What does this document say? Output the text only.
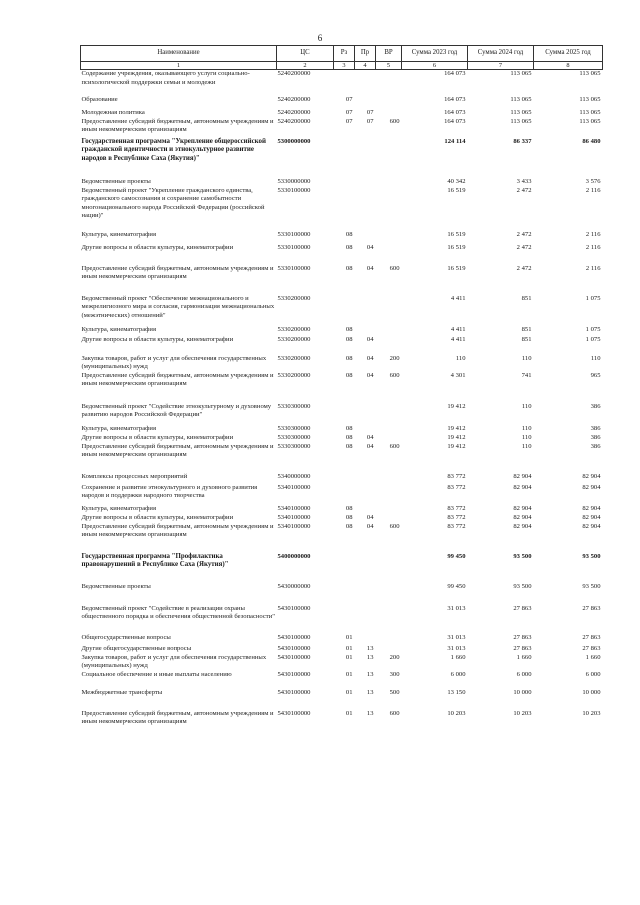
6
Наименование	ЦС	Рз	Пр	ВР	Сумма 2023 год	Сумма 2024 год	Сумма 2025 год
1	2	3	4	5	6	7	8
Содержание учреждения, оказывающего услуги социально-психологической поддержки семьи и молодежи	5240200000				164 073	113 065	113 065
Образование	5240200000	07			164 073	113 065	113 065
Молодежная политика	5240200000	07	07		164 073	113 065	113 065
Предоставление субсидий бюджетным, автономным учреждениям и иным некоммерческим организациям	5240200000	07	07	600	164 073	113 065	113 065
Государственная программа "Укрепление общероссийской гражданской идентичности и этнокультурное развитие народов в Республике Саха (Якутия)"	5300000000				124 114	86 337	86 480
Ведомственные проекты	5330000000				40 342	3 433	3 576
Ведомственный проект "Укрепление гражданского единства, гражданского самосознания и сохранение самобытности многонационального народа Российской Федерации (российской нации)"	5330100000				16 519	2 472	2 116
Культура, кинематография	5330100000	08			16 519	2 472	2 116
Другие вопросы в области культуры, кинематографии	5330100000	08	04		16 519	2 472	2 116
Предоставление субсидий бюджетным, автономным учреждениям и иным некоммерческим организациям	5330100000	08	04	600	16 519	2 472	2 116
Ведомственный проект "Обеспечение межнационального и межрелигиозного мира и согласия, гармонизация межнациональных (межэтнических) отношений"	5330200000				4 411	851	1 075
Культура, кинематография	5330200000	08			4 411	851	1 075
Другие вопросы в области культуры, кинематографии	5330200000	08	04		4 411	851	1 075
Закупка товаров, работ и услуг для обеспечения государственных (муниципальных) нужд	5330200000	08	04	200	110	110	110
Предоставление субсидий бюджетным, автономным учреждениям и иным некоммерческим организациям	5330200000	08	04	600	4 301	741	965
Ведомственный проект "Содействие этнокультурному и духовному развитию народов Российской Федерации"	5330300000				19 412	110	386
Культура, кинематография	5330300000	08			19 412	110	386
Другие вопросы в области культуры, кинематографии	5330300000	08	04		19 412	110	386
Предоставление субсидий бюджетным, автономным учреждениям и иным некоммерческим организациям	5330300000	08	04	600	19 412	110	386
Комплексы процессных мероприятий	5340000000				83 772	82 904	82 904
Сохранение и развитие этнокультурного и духовного развития народов и поддержки народного творчества	5340100000				83 772	82 904	82 904
Культура, кинематография	5340100000	08			83 772	82 904	82 904
Другие вопросы в области культуры, кинематографии	5340100000	08	04		83 772	82 904	82 904
Предоставление субсидий бюджетным, автономным учреждениям и иным некоммерческим организациям	5340100000	08	04	600	83 772	82 904	82 904
Государственная программа "Профилактика правонарушений в Республике Саха (Якутия)"	5400000000				99 450	93 500	93 500
Ведомственные проекты	5430000000				99 450	93 500	93 500
Ведомственный проект "Содействие в реализации охраны общественного порядка и обеспечения общественной безопасности"	5430100000				31 013	27 863	27 863
Общегосударственные вопросы	5430100000	01			31 013	27 863	27 863
Другие общегосударственные вопросы	5430100000	01	13		31 013	27 863	27 863
Закупка товаров, работ и услуг для обеспечения государственных (муниципальных) нужд	5430100000	01	13	200	1 660	1 660	1 660
Социальное обеспечение и иные выплаты населению	5430100000	01	13	300	6 000	6 000	6 000
Межбюджетные трансферты	5430100000	01	13	500	13 150	10 000	10 000
Предоставление субсидий бюджетным, автономным учреждениям и иным некоммерческим организациям	5430100000	01	13	600	10 203	10 203	10 203
